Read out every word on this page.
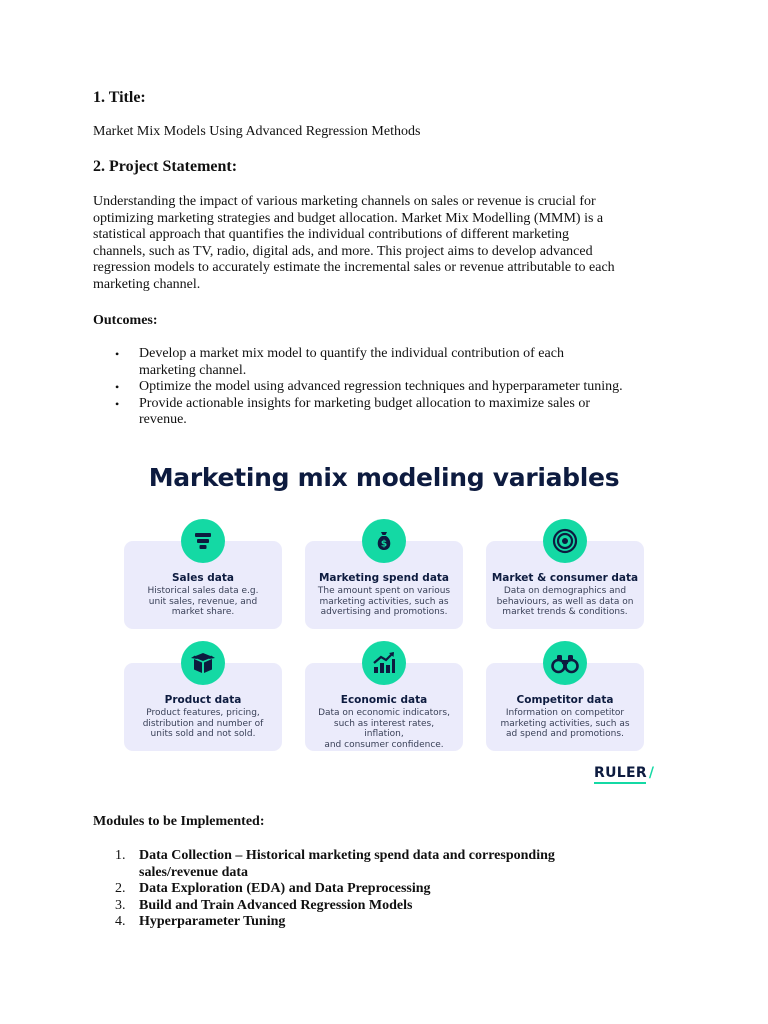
1. Title:

Market Mix Models Using Advanced Regression Methods

2. Project Statement:
Understanding the impact of various marketing channels on sales or revenue is crucial for
optimizing marketing strategies and budget allocation. Market Mix Modelling (MMM) is a
statistical approach that quantifies the individual contributions of different marketing
channels, such as TV, radio, digital ads, and more. This project aims to develop advanced
regression models to accurately estimate the incremental sales or revenue attributable to each
marketing channel.

Outcomes:

• Develop a market mix model to quantify the individual contribution of each
marketing channel.
• Optimize the model using advanced regression techniques and hyperparameter tuning.
• Provide actionable insights for marketing budget allocation to maximize sales or
revenue.
Marketing mix modeling variables
Sales data
Historical sales data e.g.
unit sales, revenue, and
market share.
$
Marketing spend data
The amount spent on various
marketing activities, such as
advertising and promotions.
Market & consumer data
Data on demographics and
behaviours, as well as data on
market trends & conditions.
Product data
Product features, pricing,
distribution and number of
units sold and not sold.
Economic data
Data on economic indicators,
such as interest rates, inflation,
and consumer confidence.
Competitor data
Information on competitor
marketing activities, such as
ad spend and promotions.
RULER /

Modules to be Implemented:

1. Data Collection – Historical marketing spend data and corresponding
sales/revenue data
2. Data Exploration (EDA) and Data Preprocessing
3. Build and Train Advanced Regression Models
4. Hyperparameter Tuning
